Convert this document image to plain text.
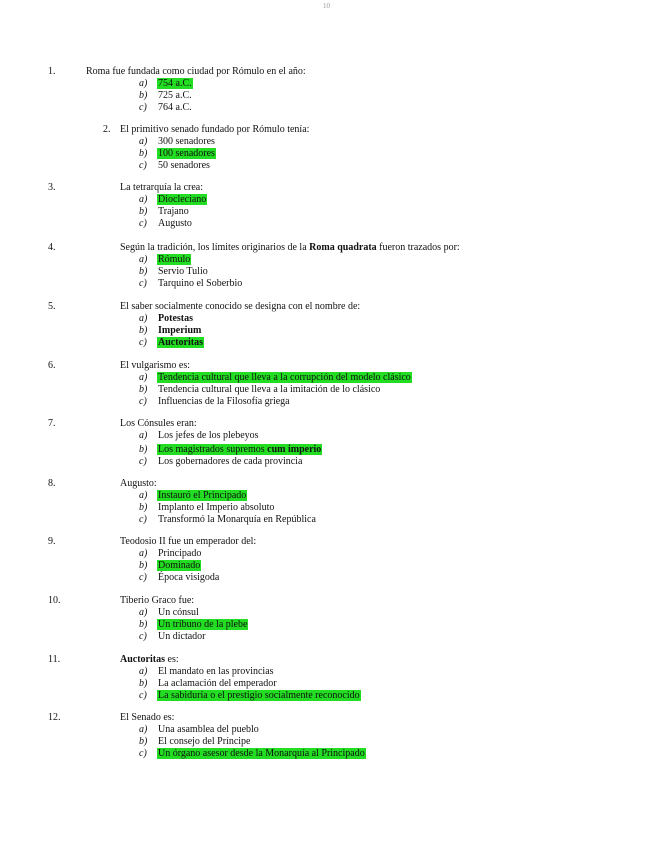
10
1.	Roma fue fundada como ciudad por Rómulo en el año:
a) 754 a.C.
b) 725 a.C.
c) 764 a.C.
2. El primitivo senado fundado por Rómulo tenía:
a) 300 senadores
b) 100 senadores
c) 50 senadores
3.	La tetrarquía la crea:
a) Diocleciano
b) Trajano
c) Augusto
4.	Según la tradición, los límites originarios de la Roma quadrata fueron trazados por:
a) Rómulo
b) Servio Tulio
c) Tarquino el Soberbio
5.	El saber socialmente conocido se designa con el nombre de:
a) Potestas
b) Imperium
c) Auctoritas
6.	El vulgarismo es:
a) Tendencia cultural que lleva a la corrupción del modelo clásico
b) Tendencia cultural que lleva a la imitación de lo clásico
c) Influencias de la Filosofía griega
7.	Los Cónsules eran:
a) Los jefes de los plebeyos
b) Los magistrados supremos cum imperio
c) Los gobernadores de cada provincia
8.	Augusto:
a) Instauró el Principado
b) Implanto el Imperio absoluto
c) Transformó la Monarquía en República
9.	Teodosio II fue un emperador del:
a) Principado
b) Dominado
c) Época visigoda
10.	Tiberio Graco fue:
a) Un cónsul
b) Un tribuno de la plebe
c) Un dictador
11.	Auctoritas es:
a) El mandato en las provincias
b) La aclamación del emperador
c) La sabiduría o el prestigio socialmente reconocido
12.	El Senado es:
a) Una asamblea del pueblo
b) El consejo del Príncipe
c) Un órgano asesor desde la Monarquía al Principado
